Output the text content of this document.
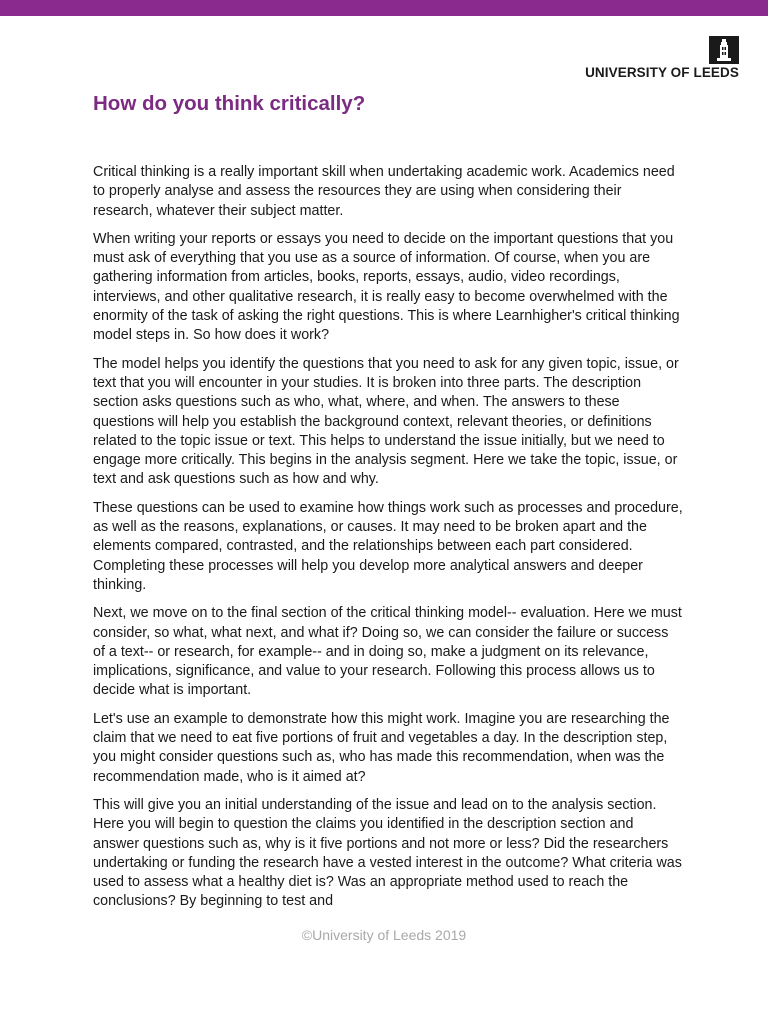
UNIVERSITY OF LEEDS
How do you think critically?

Critical thinking is a really important skill when undertaking academic work. Academics need to properly analyse and assess the resources they are using when considering their research, whatever their subject matter.

When writing your reports or essays you need to decide on the important questions that you must ask of everything that you use as a source of information. Of course, when you are gathering information from articles, books, reports, essays, audio, video recordings, interviews, and other qualitative research, it is really easy to become overwhelmed with the enormity of the task of asking the right questions. This is where Learnhigher's critical thinking model steps in. So how does it work?

The model helps you identify the questions that you need to ask for any given topic, issue, or text that you will encounter in your studies. It is broken into three parts. The description section asks questions such as who, what, where, and when. The answers to these questions will help you establish the background context, relevant theories, or definitions related to the topic issue or text. This helps to understand the issue initially, but we need to engage more critically. This begins in the analysis segment. Here we take the topic, issue, or text and ask questions such as how and why.

These questions can be used to examine how things work such as processes and procedure, as well as the reasons, explanations, or causes. It may need to be broken apart and the elements compared, contrasted, and the relationships between each part considered. Completing these processes will help you develop more analytical answers and deeper thinking.

Next, we move on to the final section of the critical thinking model-- evaluation. Here we must consider, so what, what next, and what if? Doing so, we can consider the failure or success of a text-- or research, for example-- and in doing so, make a judgment on its relevance, implications, significance, and value to your research. Following this process allows us to decide what is important.

Let's use an example to demonstrate how this might work. Imagine you are researching the claim that we need to eat five portions of fruit and vegetables a day. In the description step, you might consider questions such as, who has made this recommendation, when was the recommendation made, who is it aimed at?

This will give you an initial understanding of the issue and lead on to the analysis section. Here you will begin to question the claims you identified in the description section and answer questions such as, why is it five portions and not more or less? Did the researchers undertaking or funding the research have a vested interest in the outcome? What criteria was used to assess what a healthy diet is? Was an appropriate method used to reach the conclusions? By beginning to test and

©University of Leeds 2019
